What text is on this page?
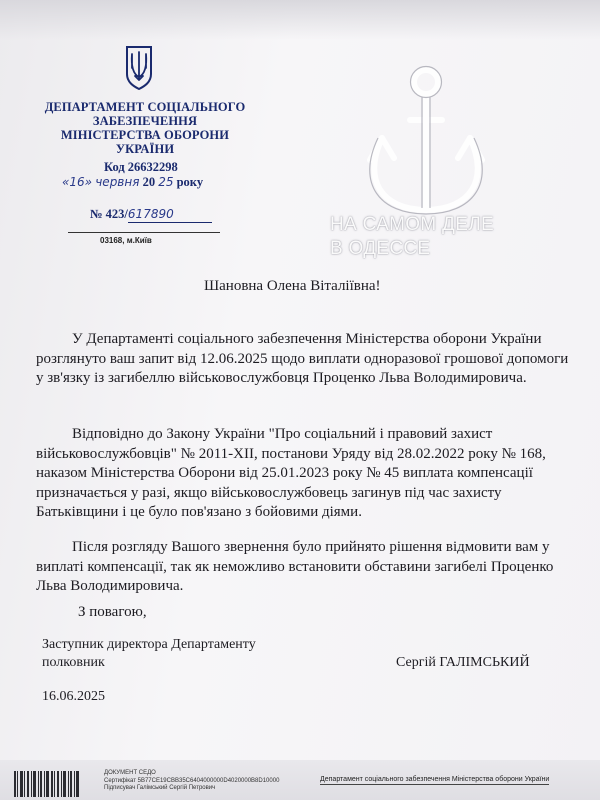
ДЕПАРТАМЕНТ СОЦІАЛЬНОГО
ЗАБЕЗПЕЧЕННЯ
МІНІСТЕРСТВА ОБОРОНИ
УКРАЇНИ
Код 26632298
«16» червня 20 25 року
№ 423/617890
03168, м.Київ
НА САМОМ ДЕЛЕ
В ОДЕССЕ
Шановна Олена Віталіївна!

У Департаменті соціального забезпечення Міністерства оборони України розглянуто ваш запит від 12.06.2025 щодо виплати одноразової грошової допомоги у зв'язку із загибеллю військовослужбовця Проценко Льва Володимировича.

Відповідно до Закону України "Про соціальний і правовий захист військовослужбовців" № 2011-XII, постанови Уряду від 28.02.2022 року № 168, наказом Міністерства Оборони від 25.01.2023 року № 45 виплата компенсації призначається у разі, якщо військовослужбовець загинув під час захисту Батьківщини і це було пов'язано з бойовими діями.

Після розгляду Вашого звернення було прийнято рішення відмовити вам у виплаті компенсації, так як неможливо встановити обставини загибелі Проценко Льва Володимировича.

З повагою,
Заступник директора Департаменту
полковник	Сергій ГАЛІМСЬКИЙ
16.06.2025
ДОКУМЕНТ СЕДО
Сертифікат 5B77CE19CBB35C6404000000D4020000B8D10000
Підписувач Галімський Сергій Петрович
Департамент соціального забезпечення Міністерства оборони України
